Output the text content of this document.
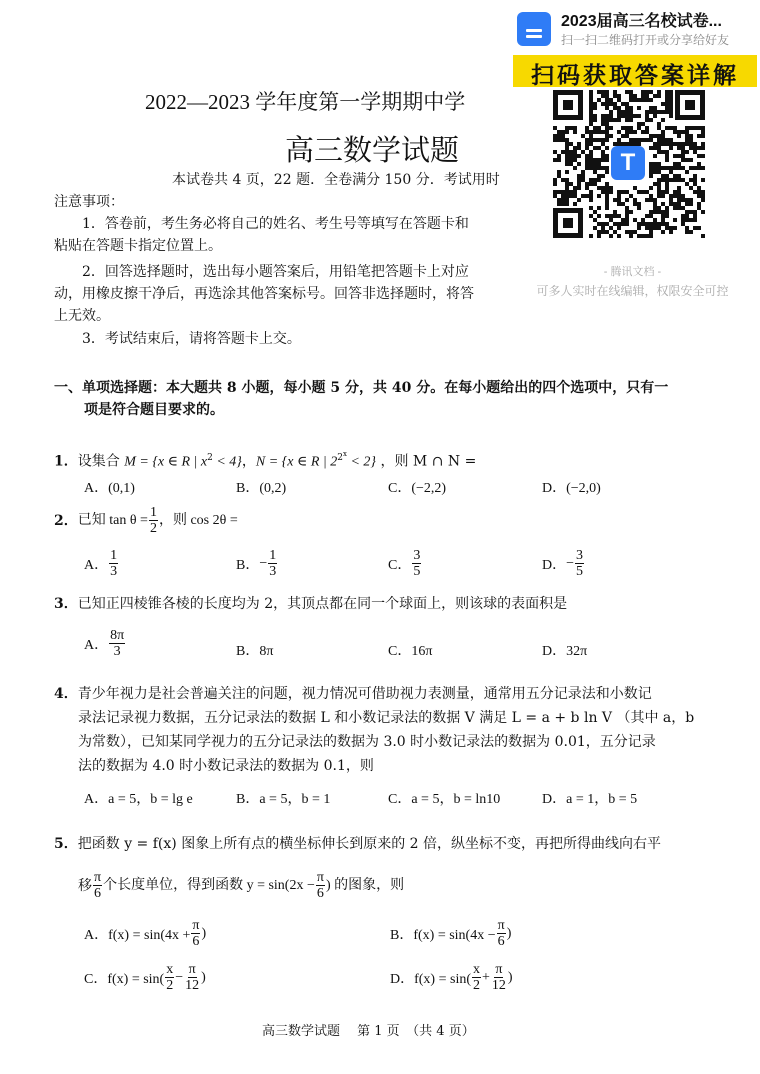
2022—2023 学年度第一学期期中学
高三数学试题
本试卷共 4 页，22 题．全卷满分 150 分．考试用时
注意事项：
1．答卷前，考生务必将自己的姓名、考生号等填写在答题卡和
粘贴在答题卡指定位置上。
2．回答选择题时，选出每小题答案后，用铅笔把答题卡上对应
动，用橡皮擦干净后，再选涂其他答案标号。回答非选择题时，将答
上无效。
3．考试结束后，请将答题卡上交。
一、单项选择题：本大题共 8 小题，每小题 5 分，共 40 分。在每小题给出的四个选项中，只有一
项是符合题目要求的。
1．设集合 M = {x ∈ R | $x^2 < 4$}，N = {x ∈ R | $2^{2^x} < 2$} ，则 M ∩ N =
A．(0,1)	B．(0,2)	C．(−2,2)	D．(−2,0)
2． 已知 $\tan \theta = \frac{1}{2}$ ，则 cos 2θ =
A． $\frac{1}{3}$	B． − $\frac{1}{3}$	C． $\frac{3}{5}$	D． − $\frac{3}{5}$
3．已知正四棱锥各棱的长度均为 2，其顶点都在同一个球面上，则该球的表面积是
A． $\frac{8\pi}{3}$	B．8π	C．16π	D．32π
4．青少年视力是社会普遍关注的问题，视力情况可借助视力表测量，通常用五分记录法和小数记
录法记录视力数据，五分记录法的数据 L 和小数记录法的数据 V 满足 L = a + b ln V （其中 a，b
为常数），已知某同学视力的五分记录法的数据为 3.0 时小数记录法的数据为 0.01，五分记录
法的数据为 4.0 时小数记录法的数据为 0.1，则
A．a = 5，b = lg e	B．a = 5，b = 1	C．a = 5，b = ln10	D．a = 1，b = 5
5．把函数 y = f(x) 图象上所有点的横坐标伸长到原来的 2 倍，纵坐标不变，再把所得曲线向右平
移 $\frac{\pi}{6}$ 个长度单位，得到函数 $y = \sin(2x - \frac{\pi}{6}$ ) 的图象，则
A．$f(x) = \sin(4x + \frac{\pi}{6}$ )	B．$f(x) = \sin(4x - \frac{\pi}{6}$ )
C．$f(x) = \sin( \frac{x}{2} - \frac{\pi}{12}$ )	D．$f(x) = \sin( \frac{x}{2} + \frac{\pi}{12}$ )
高三数学试题　 第 1 页　（共 4 页）
2023届高三名校试卷...
扫一扫二维码打开或分享给好友
扫码获取答案详解
T
- 腾讯文档 -
可多人实时在线编辑，权限安全可控
